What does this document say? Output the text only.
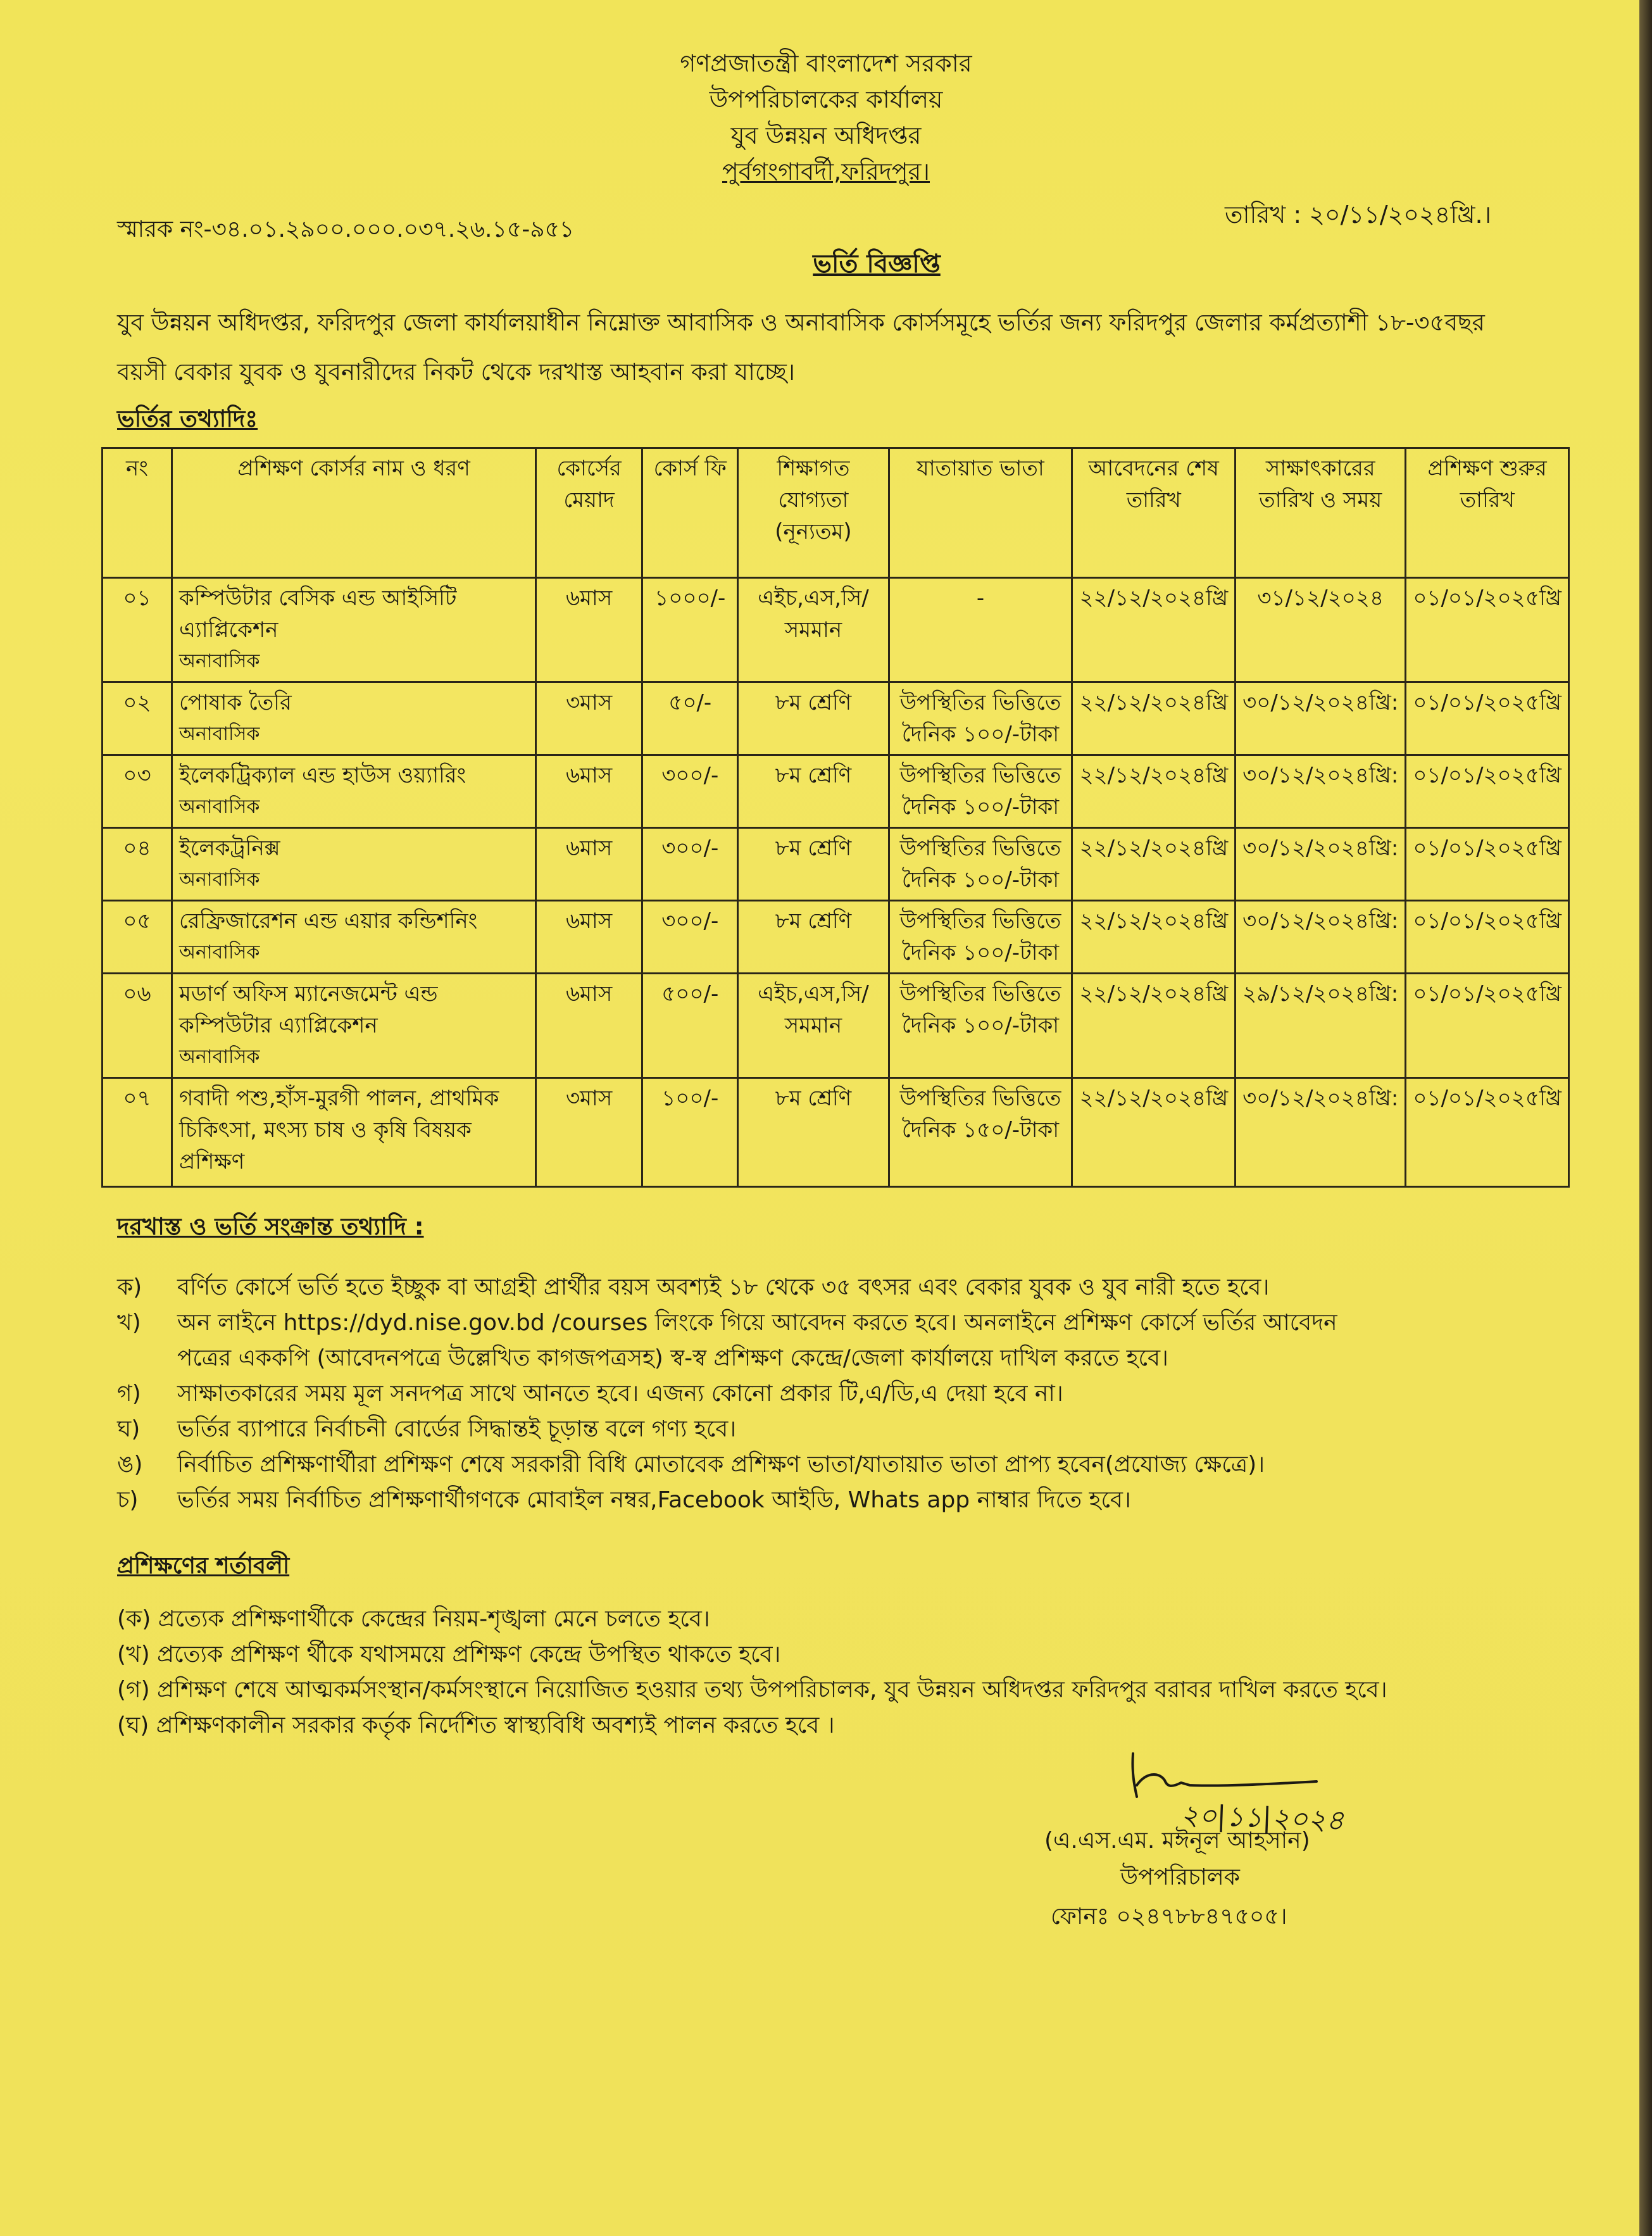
গণপ্রজাতন্ত্রী বাংলাদেশ সরকার
উপপরিচালকের কার্যালয়
যুব উন্নয়ন অধিদপ্তর
পুর্বগংগাবর্দী,ফরিদপুর।
স্মারক নং-৩৪.০১.২৯০০.০০০.০৩৭.২৬.১৫-৯৫১
তারিখ : ২০/১১/২০২৪খ্রি.।
ভর্তি বিজ্ঞপ্তি
যুব উন্নয়ন অধিদপ্তর, ফরিদপুর জেলা কার্যালয়াধীন নিম্নোক্ত আবাসিক ও অনাবাসিক কোর্সসমূহে ভর্তির জন্য ফরিদপুর জেলার কর্মপ্রত্যাশী ১৮-৩৫বছর
বয়সী বেকার যুবক ও যুবনারীদের নিকট থেকে দরখাস্ত আহবান করা যাচ্ছে।
ভর্তির তথ্যাদিঃ
নং	প্রশিক্ষণ কোর্সর নাম ও ধরণ	কোর্সের মেয়াদ	কোর্স ফি	শিক্ষাগত যোগ্যতা (নূন্যতম)	যাতায়াত ভাতা	আবেদনের শেষ তারিখ	সাক্ষাৎকারের তারিখ ও সময়	প্রশিক্ষণ শুরুর তারিখ
০১	কম্পিউটার বেসিক এন্ড আইসিটি এ্যাপ্লিকেশন
অনাবাসিক	৬মাস	১০০০/-	এইচ,এস,সি/ সমমান	-	২২/১২/২০২৪খ্রি	৩১/১২/২০২৪	০১/০১/২০২৫খ্রি
০২	পোষাক তৈরি
অনাবাসিক	৩মাস	৫০/-	৮ম শ্রেণি	উপস্থিতির ভিত্তিতে দৈনিক ১০০/-টাকা	২২/১২/২০২৪খ্রি	৩০/১২/২০২৪খ্রি:	০১/০১/২০২৫খ্রি
০৩	ইলেকট্রিক্যাল এন্ড হাউস ওয়্যারিং
অনাবাসিক	৬মাস	৩০০/-	৮ম শ্রেণি	উপস্থিতির ভিত্তিতে দৈনিক ১০০/-টাকা	২২/১২/২০২৪খ্রি	৩০/১২/২০২৪খ্রি:	০১/০১/২০২৫খ্রি
০৪	ইলেকট্রনিক্স
অনাবাসিক	৬মাস	৩০০/-	৮ম শ্রেণি	উপস্থিতির ভিত্তিতে দৈনিক ১০০/-টাকা	২২/১২/২০২৪খ্রি	৩০/১২/২০২৪খ্রি:	০১/০১/২০২৫খ্রি
০৫	রেফ্রিজারেশন এন্ড এয়ার কন্ডিশনিং
অনাবাসিক	৬মাস	৩০০/-	৮ম শ্রেণি	উপস্থিতির ভিত্তিতে দৈনিক ১০০/-টাকা	২২/১২/২০২৪খ্রি	৩০/১২/২০২৪খ্রি:	০১/০১/২০২৫খ্রি
০৬	মডার্ণ অফিস ম্যানেজমেন্ট এন্ড কম্পিউটার এ্যাপ্লিকেশন
অনাবাসিক	৬মাস	৫০০/-	এইচ,এস,সি/ সমমান	উপস্থিতির ভিত্তিতে দৈনিক ১০০/-টাকা	২২/১২/২০২৪খ্রি	২৯/১২/২০২৪খ্রি:	০১/০১/২০২৫খ্রি
০৭	গবাদী পশু,হাঁস-মুরগী পালন, প্রাথমিক চিকিৎসা, মৎস্য চাষ ও কৃষি বিষয়ক প্রশিক্ষণ	৩মাস	১০০/-	৮ম শ্রেণি	উপস্থিতির ভিত্তিতে দৈনিক ১৫০/-টাকা	২২/১২/২০২৪খ্রি	৩০/১২/২০২৪খ্রি:	০১/০১/২০২৫খ্রি
দরখাস্ত ও ভর্তি সংক্রান্ত তথ্যাদি :
ক) বর্ণিত কোর্সে ভর্তি হতে ইচ্ছুক বা আগ্রহী প্রার্থীর বয়স অবশ্যই ১৮ থেকে ৩৫ বৎসর এবং বেকার যুবক ও যুব নারী হতে হবে।
খ) অন লাইনে https://dyd.nise.gov.bd /courses লিংকে গিয়ে আবেদন করতে হবে। অনলাইনে প্রশিক্ষণ কোর্সে ভর্তির আবেদন
পত্রের এককপি (আবেদনপত্রে উল্লেখিত কাগজপত্রসহ) স্ব-স্ব প্রশিক্ষণ কেন্দ্রে/জেলা কার্যালয়ে দাখিল করতে হবে।
গ) সাক্ষাতকারের সময় মূল সনদপত্র সাথে আনতে হবে। এজন্য কোনো প্রকার টি,এ/ডি,এ দেয়া হবে না।
ঘ) ভর্তির ব্যাপারে নির্বাচনী বোর্ডের সিদ্ধান্তই চূড়ান্ত বলে গণ্য হবে।
ঙ) নির্বাচিত প্রশিক্ষণার্থীরা প্রশিক্ষণ শেষে সরকারী বিধি মোতাবেক প্রশিক্ষণ ভাতা/যাতায়াত ভাতা প্রাপ্য হবেন(প্রযোজ্য ক্ষেত্রে)।
চ) ভর্তির সময় নির্বাচিত প্রশিক্ষণার্থীগণকে মোবাইল নম্বর,Facebook আইডি, Whats app নাম্বার দিতে হবে।
প্রশিক্ষণের শর্তাবলী
(ক) প্রত্যেক প্রশিক্ষণার্থীকে কেন্দ্রের নিয়ম-শৃঙ্খলা মেনে চলতে হবে।
(খ) প্রত্যেক প্রশিক্ষণ র্থীকে যথাসময়ে প্রশিক্ষণ কেন্দ্রে উপস্থিত থাকতে হবে।
(গ) প্রশিক্ষণ শেষে আত্মকর্মসংস্থান/কর্মসংস্থানে নিয়োজিত হওয়ার তথ্য উপপরিচালক, যুব উন্নয়ন অধিদপ্তর ফরিদপুর বরাবর দাখিল করতে হবে।
(ঘ) প্রশিক্ষণকালীন সরকার কর্তৃক নির্দেশিত স্বাস্থ্যবিধি অবশ্যই পালন করতে হবে ।
২০|১১|২০২৪
(এ.এস.এম. মঈনূল আহসান)
উপপরিচালক
ফোনঃ ০২৪৭৮৮৪৭৫০৫।
